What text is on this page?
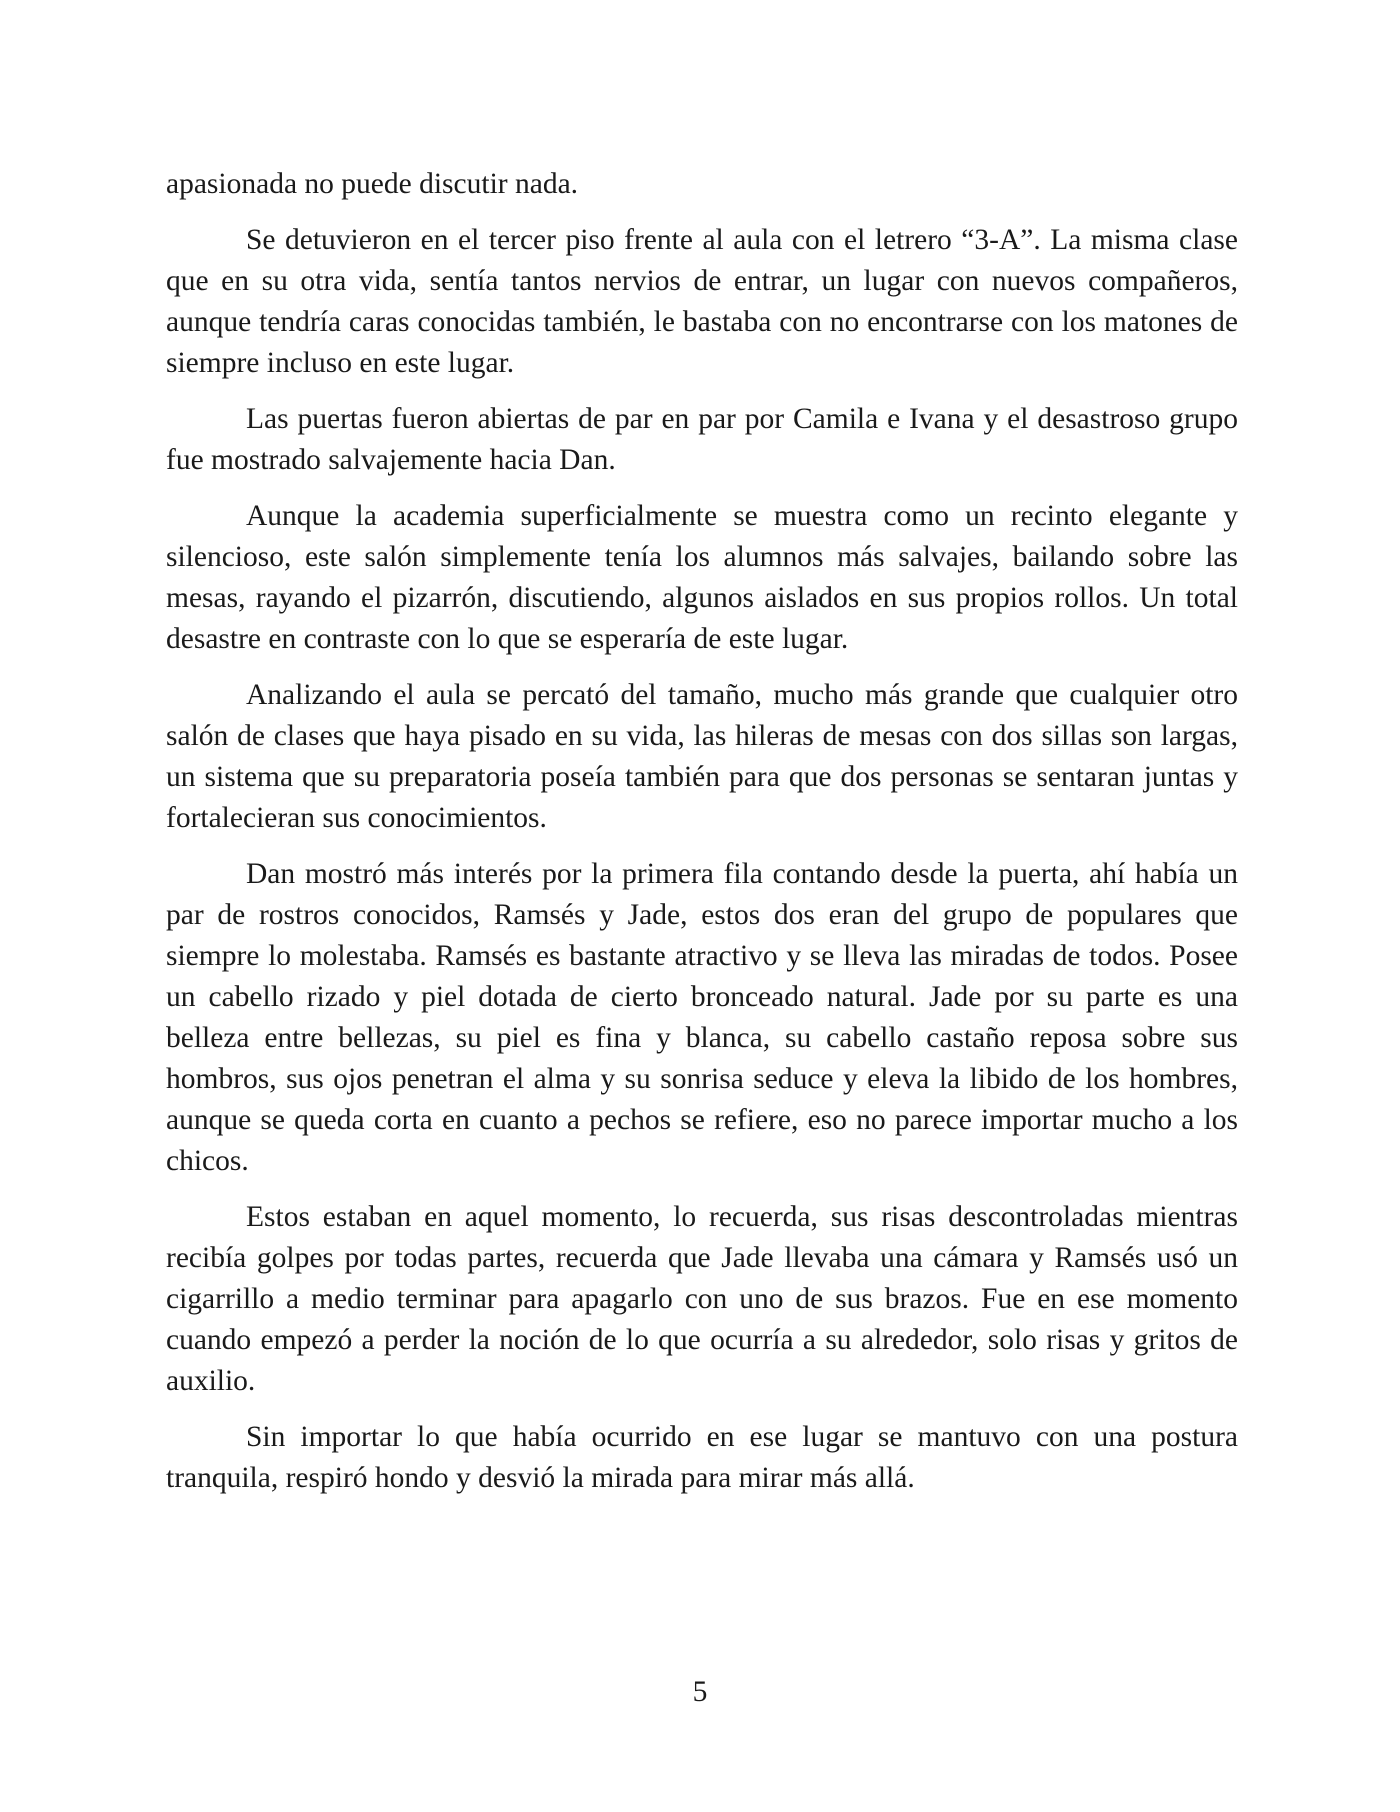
apasionada no puede discutir nada.

Se detuvieron en el tercer piso frente al aula con el letrero “3-A”. La misma clase que en su otra vida, sentía tantos nervios de entrar, un lugar con nuevos compañeros, aunque tendría caras conocidas también, le bastaba con no encontrarse con los matones de siempre incluso en este lugar.

Las puertas fueron abiertas de par en par por Camila e Ivana y el desastroso grupo fue mostrado salvajemente hacia Dan.

Aunque la academia superficialmente se muestra como un recinto elegante y silencioso, este salón simplemente tenía los alumnos más salvajes, bailando sobre las mesas, rayando el pizarrón, discutiendo, algunos aislados en sus propios rollos. Un total desastre en contraste con lo que se esperaría de este lugar.

Analizando el aula se percató del tamaño, mucho más grande que cualquier otro salón de clases que haya pisado en su vida, las hileras de mesas con dos sillas son largas, un sistema que su preparatoria poseía también para que dos personas se sentaran juntas y fortalecieran sus conocimientos.

Dan mostró más interés por la primera fila contando desde la puerta, ahí había un par de rostros conocidos, Ramsés y Jade, estos dos eran del grupo de populares que siempre lo molestaba. Ramsés es bastante atractivo y se lleva las miradas de todos. Posee un cabello rizado y piel dotada de cierto bronceado natural. Jade por su parte es una belleza entre bellezas, su piel es fina y blanca, su cabello castaño reposa sobre sus hombros, sus ojos penetran el alma y su sonrisa seduce y eleva la libido de los hombres, aunque se queda corta en cuanto a pechos se refiere, eso no parece importar mucho a los chicos.

Estos estaban en aquel momento, lo recuerda, sus risas descontroladas mientras recibía golpes por todas partes, recuerda que Jade llevaba una cámara y Ramsés usó un cigarrillo a medio terminar para apagarlo con uno de sus brazos. Fue en ese momento cuando empezó a perder la noción de lo que ocurría a su alrededor, solo risas y gritos de auxilio.

Sin importar lo que había ocurrido en ese lugar se mantuvo con una postura tranquila, respiró hondo y desvió la mirada para mirar más allá.

5
